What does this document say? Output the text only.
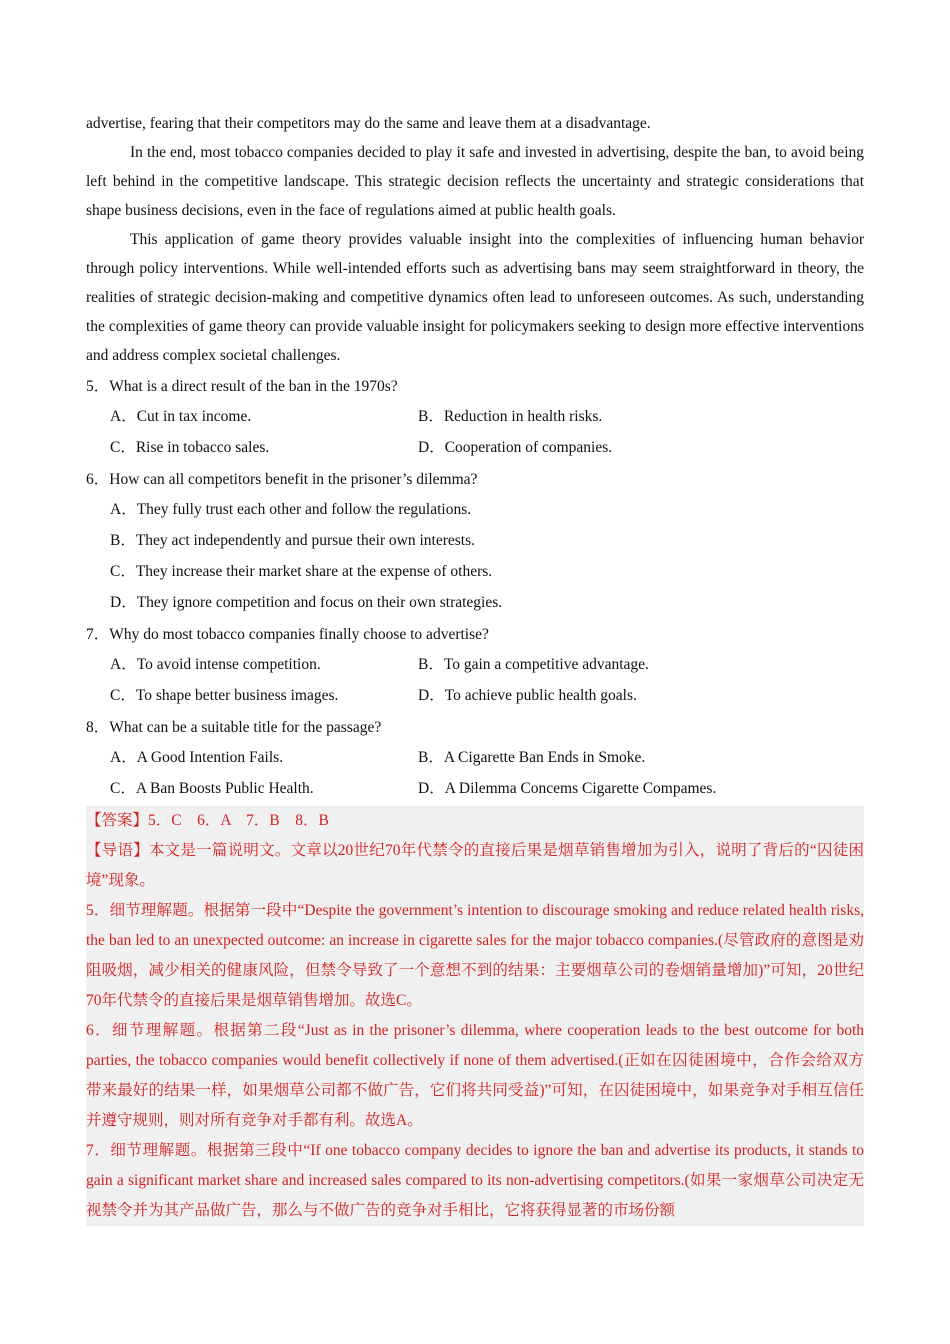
advertise, fearing that their competitors may do the same and leave them at a disadvantage.

In the end, most tobacco companies decided to play it safe and invested in advertising, despite the ban, to avoid being left behind in the competitive landscape. This strategic decision reflects the uncertainty and strategic considerations that shape business decisions, even in the face of regulations aimed at public health goals.

This application of game theory provides valuable insight into the complexities of influencing human behavior through policy interventions. While well-intended efforts such as advertising bans may seem straightforward in theory, the realities of strategic decision-making and competitive dynamics often lead to unforeseen outcomes. As such, understanding the complexities of game theory can provide valuable insight for policymakers seeking to design more effective interventions and address complex societal challenges.

5．What is a direct result of the ban in the 1970s?

A．Cut in tax income.	B．Reduction in health risks.
C．Rise in tobacco sales.	D．Cooperation of companies.

6．How can all competitors benefit in the prisoner’s dilemma?

A．They fully trust each other and follow the regulations.
B．They act independently and pursue their own interests.
C．They increase their market share at the expense of others.
D．They ignore competition and focus on their own strategies.

7．Why do most tobacco companies finally choose to advertise?

A．To avoid intense competition.	B．To gain a competitive advantage.
C．To shape better business images.	D．To achieve public health goals.

8．What can be a suitable title for the passage?

A．A Good Intention Fails.	B．A Cigarette Ban Ends in Smoke.
C．A Ban Boosts Public Health.	D．A Dilemma Concems Cigarette Compames.

【答案】5．C　6．A　7．B　8．B

【导语】本文是一篇说明文。文章以20世纪70年代禁令的直接后果是烟草销售增加为引入，说明了背后的“囚徒困境”现象。

5．细节理解题。根据第一段中“Despite the government’s intention to discourage smoking and reduce related health risks, the ban led to an unexpected outcome: an increase in cigarette sales for the major tobacco companies.(尽管政府的意图是劝阻吸烟，减少相关的健康风险，但禁令导致了一个意想不到的结果：主要烟草公司的卷烟销量增加)”可知，20世纪70年代禁令的直接后果是烟草销售增加。故选C。

6．细节理解题。根据第二段“Just as in the prisoner’s dilemma, where cooperation leads to the best outcome for both parties, the tobacco companies would benefit collectively if none of them advertised.(正如在囚徒困境中，合作会给双方带来最好的结果一样，如果烟草公司都不做广告，它们将共同受益)”可知，在囚徒困境中，如果竞争对手相互信任并遵守规则，则对所有竞争对手都有利。故选A。

7．细节理解题。根据第三段中“If one tobacco company decides to ignore the ban and advertise its products, it stands to gain a significant market share and increased sales compared to its non-advertising competitors.(如果一家烟草公司决定无视禁令并为其产品做广告，那么与不做广告的竞争对手相比，它将获得显著的市场份额
